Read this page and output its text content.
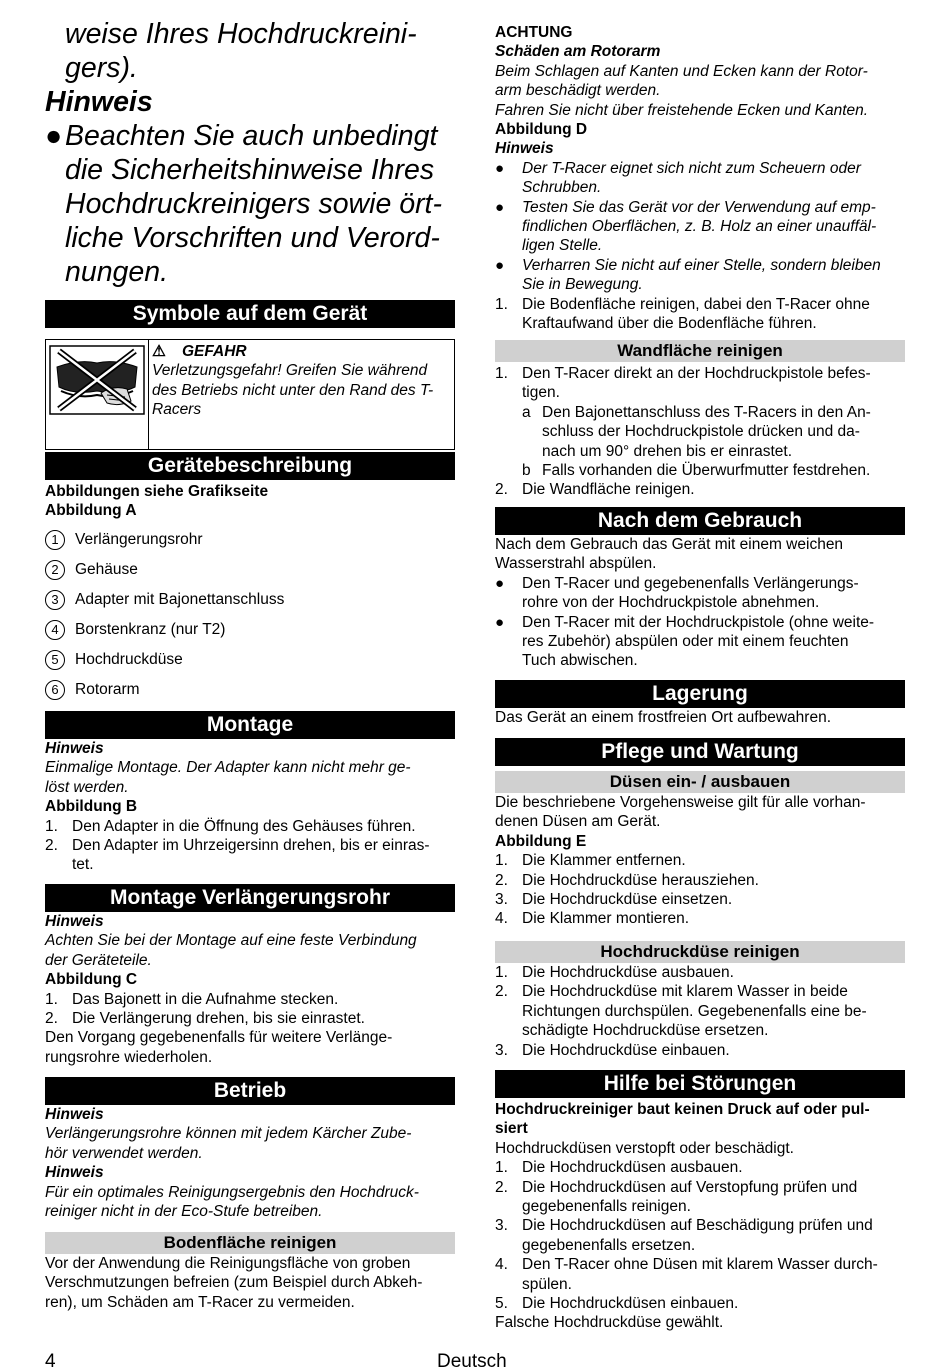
weise Ihres Hochdruckreini-
gers).
Hinweis
● Beachten Sie auch unbedingt
die Sicherheitshinweise Ihres
Hochdruckreinigers sowie ört-
liche Vorschriften und Verord-
nungen.
Symbole auf dem Gerät
⚠ GEFAHR
Verletzungsgefahr! Greifen Sie während
des Betriebs nicht unter den Rand des T-
Racers
Gerätebeschreibung
Abbildungen siehe Grafikseite
Abbildung A
1	Verlängerungsrohr
2	Gehäuse
3	Adapter mit Bajonettanschluss
4	Borstenkranz (nur T2)
5	Hochdruckdüse
6	Rotorarm
Montage
Hinweis
Einmalige Montage. Der Adapter kann nicht mehr ge-
löst werden.
Abbildung B
1. Den Adapter in die Öffnung des Gehäuses führen.
2. Den Adapter im Uhrzeigersinn drehen, bis er einras-
tet.
Montage Verlängerungsrohr
Hinweis
Achten Sie bei der Montage auf eine feste Verbindung
der Geräteteile.
Abbildung C
1. Das Bajonett in die Aufnahme stecken.
2. Die Verlängerung drehen, bis sie einrastet.
Den Vorgang gegebenenfalls für weitere Verlänge-
rungsrohre wiederholen.
Betrieb
Hinweis
Verlängerungsrohre können mit jedem Kärcher Zube-
hör verwendet werden.
Hinweis
Für ein optimales Reinigungsergebnis den Hochdruck-
reiniger nicht in der Eco-Stufe betreiben.
Bodenfläche reinigen
Vor der Anwendung die Reinigungsfläche von groben
Verschmutzungen befreien (zum Beispiel durch Abkeh-
ren), um Schäden am T-Racer zu vermeiden.
ACHTUNG
Schäden am Rotorarm
Beim Schlagen auf Kanten und Ecken kann der Rotor-
arm beschädigt werden.
Fahren Sie nicht über freistehende Ecken und Kanten.
Abbildung D
Hinweis
●	Der T-Racer eignet sich nicht zum Scheuern oder
Schrubben.
●	Testen Sie das Gerät vor der Verwendung auf emp-
findlichen Oberflächen, z. B. Holz an einer unauffäl-
ligen Stelle.
●	Verharren Sie nicht auf einer Stelle, sondern bleiben
Sie in Bewegung.
1. Die Bodenfläche reinigen, dabei den T-Racer ohne
Kraftaufwand über die Bodenfläche führen.
Wandfläche reinigen
1. Den T-Racer direkt an der Hochdruckpistole befes-
tigen.
a Den Bajonettanschluss des T-Racers in den An-
schluss der Hochdruckpistole drücken und da-
nach um 90° drehen bis er einrastet.
b Falls vorhanden die Überwurfmutter festdrehen.
2. Die Wandfläche reinigen.
Nach dem Gebrauch
Nach dem Gebrauch das Gerät mit einem weichen
Wasserstrahl abspülen.
●	Den T-Racer und gegebenenfalls Verlängerungs-
rohre von der Hochdruckpistole abnehmen.
●	Den T-Racer mit der Hochdruckpistole (ohne weite-
res Zubehör) abspülen oder mit einem feuchten
Tuch abwischen.
Lagerung
Das Gerät an einem frostfreien Ort aufbewahren.
Pflege und Wartung
Düsen ein- / ausbauen
Die beschriebene Vorgehensweise gilt für alle vorhan-
denen Düsen am Gerät.
Abbildung E
1. Die Klammer entfernen.
2. Die Hochdruckdüse herausziehen.
3. Die Hochdruckdüse einsetzen.
4. Die Klammer montieren.
Hochdruckdüse reinigen
1. Die Hochdruckdüse ausbauen.
2. Die Hochdruckdüse mit klarem Wasser in beide
Richtungen durchspülen. Gegebenenfalls eine be-
schädigte Hochdruckdüse ersetzen.
3. Die Hochdruckdüse einbauen.
Hilfe bei Störungen
Hochdruckreiniger baut keinen Druck auf oder pul-
siert
Hochdruckdüsen verstopft oder beschädigt.
1. Die Hochdruckdüsen ausbauen.
2. Die Hochdruckdüsen auf Verstopfung prüfen und
gegebenenfalls reinigen.
3. Die Hochdruckdüsen auf Beschädigung prüfen und
gegebenenfalls ersetzen.
4. Den T-Racer ohne Düsen mit klarem Wasser durch-
spülen.
5. Die Hochdruckdüsen einbauen.
Falsche Hochdruckdüse gewählt.
4	Deutsch
